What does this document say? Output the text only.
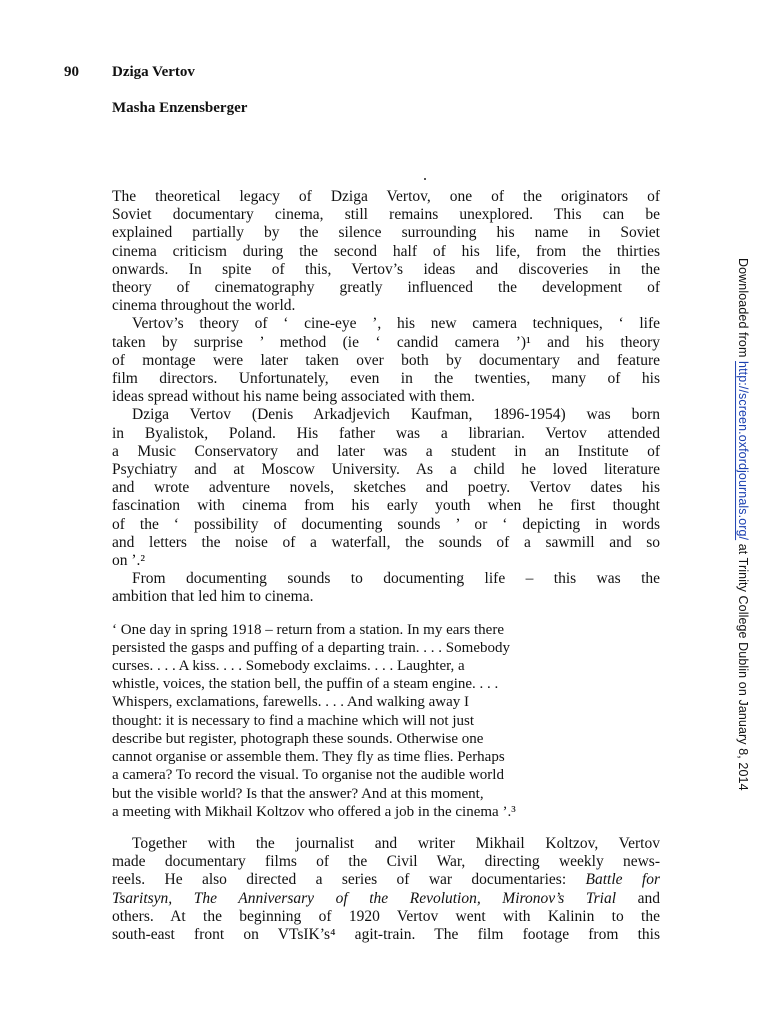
90 Dziga Vertov
Masha Enzensberger

The theoretical legacy of Dziga Vertov, one of the originators of
Soviet documentary cinema, still remains unexplored. This can be
explained partially by the silence surrounding his name in Soviet
cinema criticism during the second half of his life, from the thirties
onwards. In spite of this, Vertov’s ideas and discoveries in the
theory of cinematography greatly influenced the development of
cinema throughout the world.

Vertov’s theory of ‘ cine-eye ’, his new camera techniques, ‘ life
taken by surprise ’ method (ie ‘ candid camera ’)¹ and his theory
of montage were later taken over both by documentary and feature
film directors. Unfortunately, even in the twenties, many of his
ideas spread without his name being associated with them.

Dziga Vertov (Denis Arkadjevich Kaufman, 1896-1954) was born
in Byalistok, Poland. His father was a librarian. Vertov attended
a Music Conservatory and later was a student in an Institute of
Psychiatry and at Moscow University. As a child he loved literature
and wrote adventure novels, sketches and poetry. Vertov dates his
fascination with cinema from his early youth when he first thought
of the ‘ possibility of documenting sounds ’ or ‘ depicting in words
and letters the noise of a waterfall, the sounds of a sawmill and so
on ’.²

From documenting sounds to documenting life – this was the
ambition that led him to cinema.

‘ One day in spring 1918 – return from a station. In my ears there
persisted the gasps and puffing of a departing train. . . . Somebody
curses. . . . A kiss. . . . Somebody exclaims. . . . Laughter, a
whistle, voices, the station bell, the puffin of a steam engine. . . .
Whispers, exclamations, farewells. . . . And walking away I
thought: it is necessary to find a machine which will not just
describe but register, photograph these sounds. Otherwise one
cannot organise or assemble them. They fly as time flies. Perhaps
a camera? To record the visual. To organise not the audible world
but the visible world? Is that the answer? And at this moment,
a meeting with Mikhail Koltzov who offered a job in the cinema ’.³

Together with the journalist and writer Mikhail Koltzov, Vertov
made documentary films of the Civil War, directing weekly news-
reels. He also directed a series of war documentaries: Battle for
Tsaritsyn, The Anniversary of the Revolution, Mironov’s Trial and
others. At the beginning of 1920 Vertov went with Kalinin to the
south-east front on VTsIK’s⁴ agit-train. The film footage from this

Downloaded from http://screen.oxfordjournals.org/ at Trinity College Dublin on January 8, 2014
